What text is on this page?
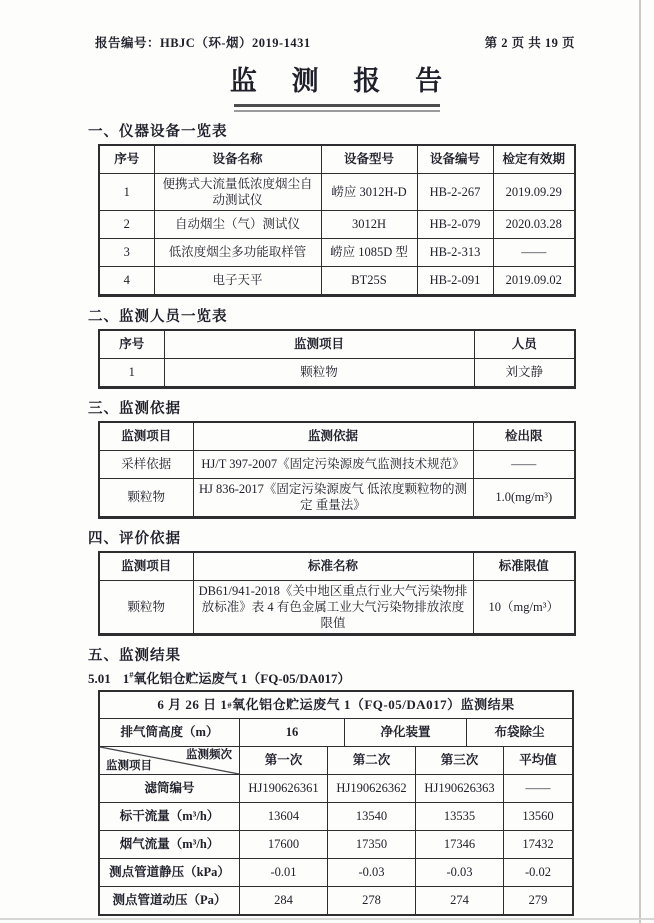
报告编号：HBJC（环-烟）2019-1431	第 2 页 共 19 页
监 测 报 告
一、仪器设备一览表
序号	设备名称	设备型号	设备编号	检定有效期
1	便携式大流量低浓度烟尘自动测试仪	崂应 3012H-D	HB-2-267	2019.09.29
2	自动烟尘（气）测试仪	3012H	HB-2-079	2020.03.28
3	低浓度烟尘多功能取样管	崂应 1085D 型	HB-2-313	——
4	电子天平	BT25S	HB-2-091	2019.09.02
二、监测人员一览表
序号	监测项目	人员
1	颗粒物	刘文静
三、监测依据
监测项目	监测依据	检出限
采样依据	HJ/T 397-2007《固定污染源废气监测技术规范》	——
颗粒物	HJ 836-2017《固定污染源废气 低浓度颗粒物的测定 重量法》	1.0(mg/m³)
四、评价依据
监测项目	标准名称	标准限值
颗粒物	DB61/941-2018《关中地区重点行业大气污染物排放标准》表 4 有色金属工业大气污染物排放浓度限值	10（mg/m³）
五、监测结果
5.01 1#氧化铝仓贮运废气 1（FQ-05/DA017）
6 月 26 日 1 # 氧化铝仓贮运废气 1（FQ-05/DA017）监测结果
排气筒高度（m）	16	净化装置	布袋除尘
监测频次
监测项目	第一次	第二次	第三次	平均值
滤筒编号	HJ190626361	HJ190626362	HJ190626363	——
标干流量（m³/h）	13604	13540	13535	13560
烟气流量（m³/h）	17600	17350	17346	17432
测点管道静压（kPa）	-0.01	-0.03	-0.03	-0.02
测点管道动压（Pa）	284	278	274	279
